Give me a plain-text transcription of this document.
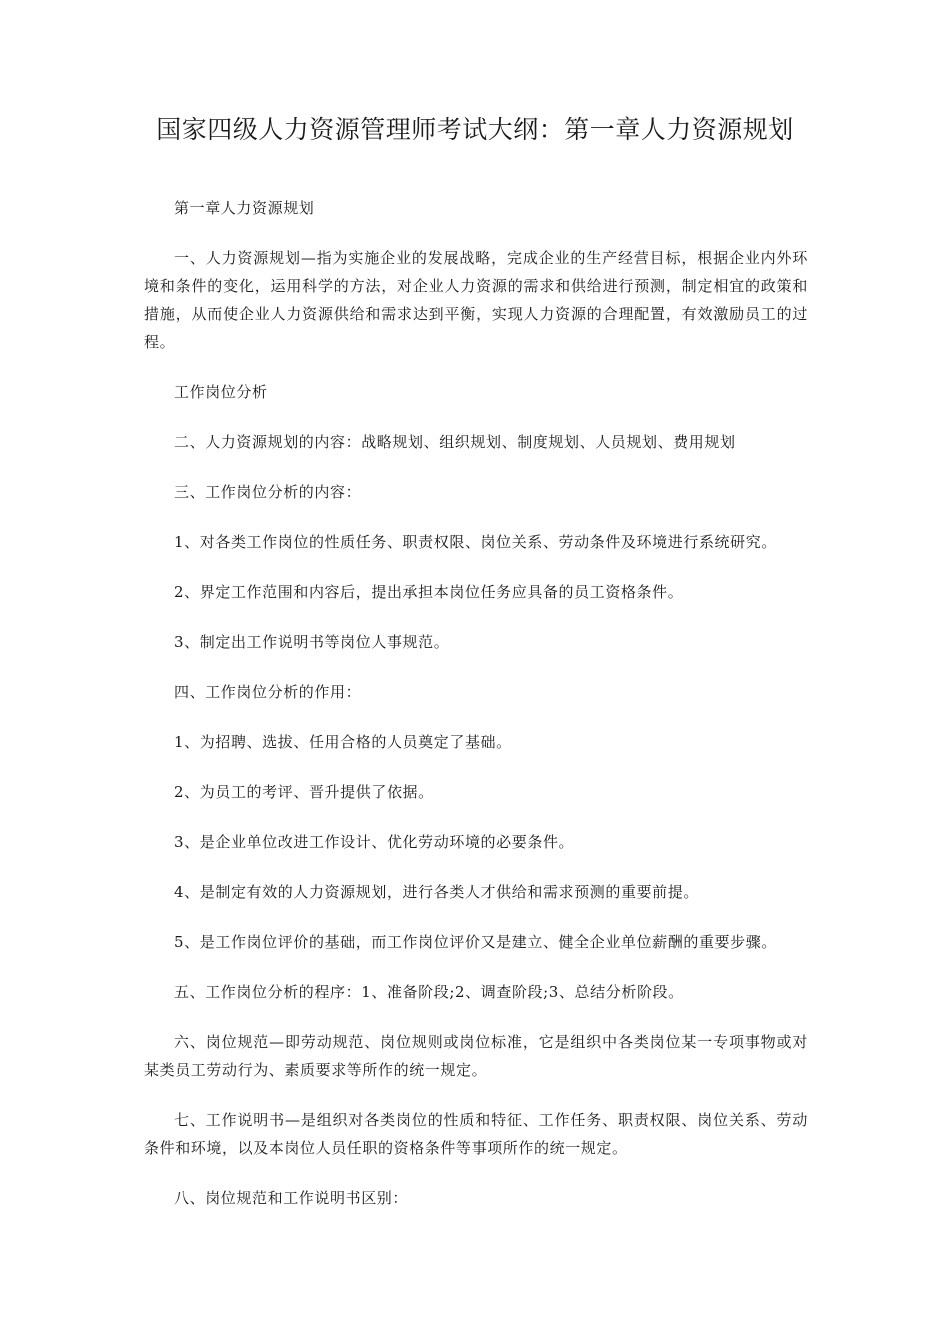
国家四级人力资源管理师考试大纲：第一章人力资源规划

第一章人力资源规划

一、人力资源规划—指为实施企业的发展战略，完成企业的生产经营目标，根据企业内外环境和条件的变化，运用科学的方法，对企业人力资源的需求和供给进行预测，制定相宜的政策和措施，从而使企业人力资源供给和需求达到平衡，实现人力资源的合理配置，有效激励员工的过程。

工作岗位分析

二、人力资源规划的内容：战略规划、组织规划、制度规划、人员规划、费用规划

三、工作岗位分析的内容：

1、对各类工作岗位的性质任务、职责权限、岗位关系、劳动条件及环境进行系统研究。

2、界定工作范围和内容后，提出承担本岗位任务应具备的员工资格条件。

3、制定出工作说明书等岗位人事规范。

四、工作岗位分析的作用：

1、为招聘、选拔、任用合格的人员奠定了基础。

2、为员工的考评、晋升提供了依据。

3、是企业单位改进工作设计、优化劳动环境的必要条件。

4、是制定有效的人力资源规划，进行各类人才供给和需求预测的重要前提。

5、是工作岗位评价的基础，而工作岗位评价又是建立、健全企业单位薪酬的重要步骤。

五、工作岗位分析的程序：1、准备阶段;2、调查阶段;3、总结分析阶段。

六、岗位规范—即劳动规范、岗位规则或岗位标准，它是组织中各类岗位某一专项事物或对某类员工劳动行为、素质要求等所作的统一规定。

七、工作说明书—是组织对各类岗位的性质和特征、工作任务、职责权限、岗位关系、劳动条件和环境，以及本岗位人员任职的资格条件等事项所作的统一规定。

八、岗位规范和工作说明书区别：
